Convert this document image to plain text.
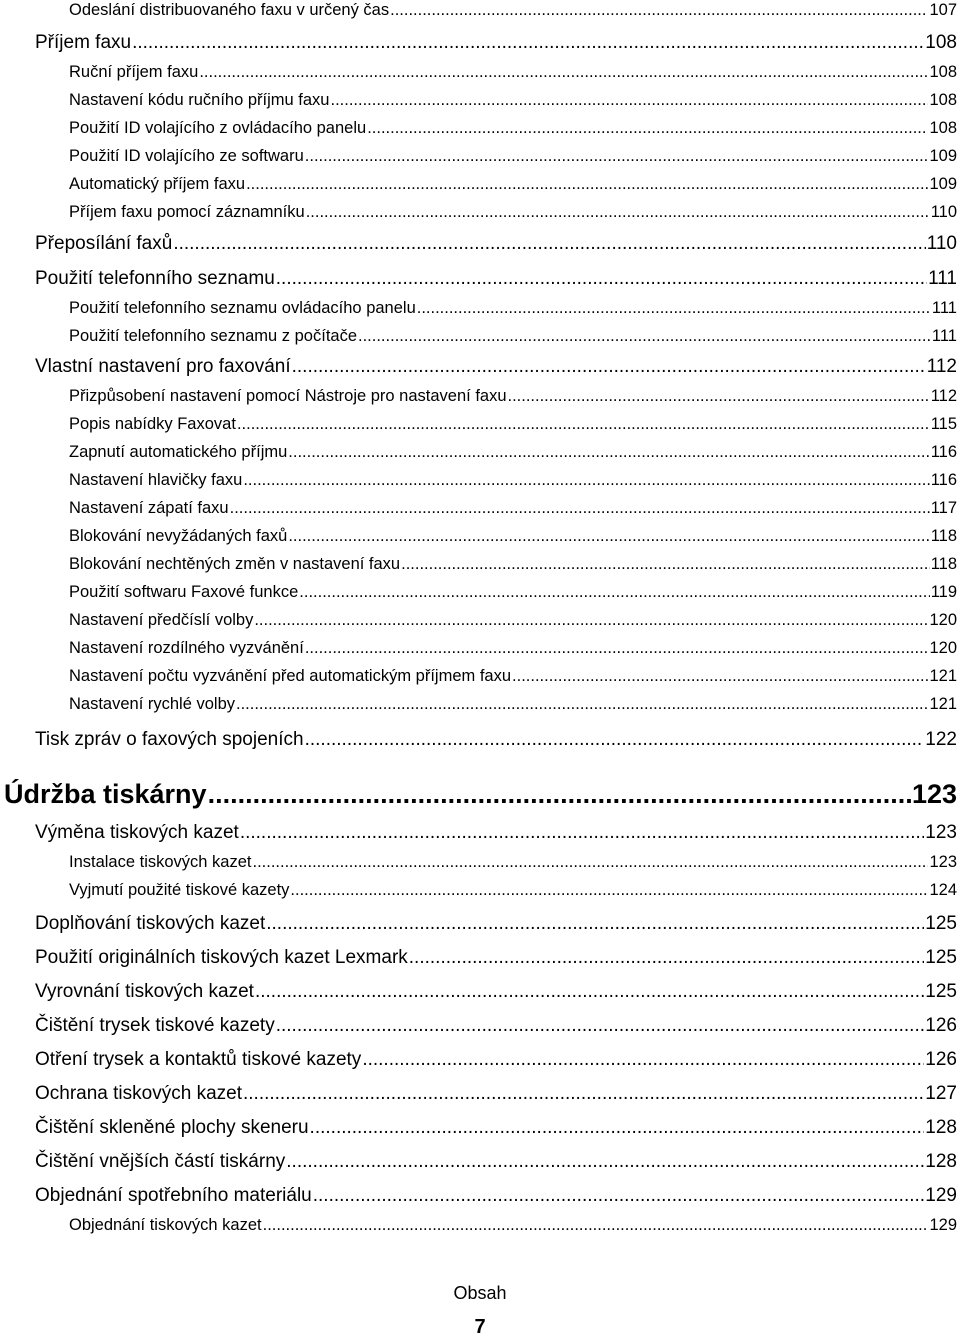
Odeslání distribuovaného faxu v určený čas .....	107
Příjem faxu .....	108
Ruční příjem faxu .....	108
Nastavení kódu ručního příjmu faxu .....	108
Použití ID volajícího z ovládacího panelu .....	108
Použití ID volajícího ze softwaru .....	109
Automatický příjem faxu .....	109
Příjem faxu pomocí záznamníku .....	110
Přeposílání faxů .....	110
Použití telefonního seznamu .....	111
Použití telefonního seznamu ovládacího panelu .....	111
Použití telefonního seznamu z počítače .....	111
Vlastní nastavení pro faxování .....	112
Přizpůsobení nastavení pomocí Nástroje pro nastavení faxu .....	112
Popis nabídky Faxovat .....	115
Zapnutí automatického příjmu .....	116
Nastavení hlavičky faxu .....	116
Nastavení zápatí faxu .....	117
Blokování nevyžádaných faxů .....	118
Blokování nechtěných změn v nastavení faxu .....	118
Použití softwaru Faxové funkce .....	119
Nastavení předčíslí volby .....	120
Nastavení rozdílného vyzvánění .....	120
Nastavení počtu vyzvánění před automatickým příjmem faxu .....	121
Nastavení rychlé volby .....	121
Tisk zpráv o faxových spojeních .....	122
Údržba tiskárny .....	123
Výměna tiskových kazet .....	123
Instalace tiskových kazet .....	123
Vyjmutí použité tiskové kazety .....	124
Doplňování tiskových kazet .....	125
Použití originálních tiskových kazet Lexmark .....	125
Vyrovnání tiskových kazet .....	125
Čištění trysek tiskové kazety .....	126
Otření trysek a kontaktů tiskové kazety .....	126
Ochrana tiskových kazet .....	127
Čištění skleněné plochy skeneru .....	128
Čištění vnějších částí tiskárny .....	128
Objednání spotřebního materiálu .....	129
Objednání tiskových kazet .....	129
Obsah
7
